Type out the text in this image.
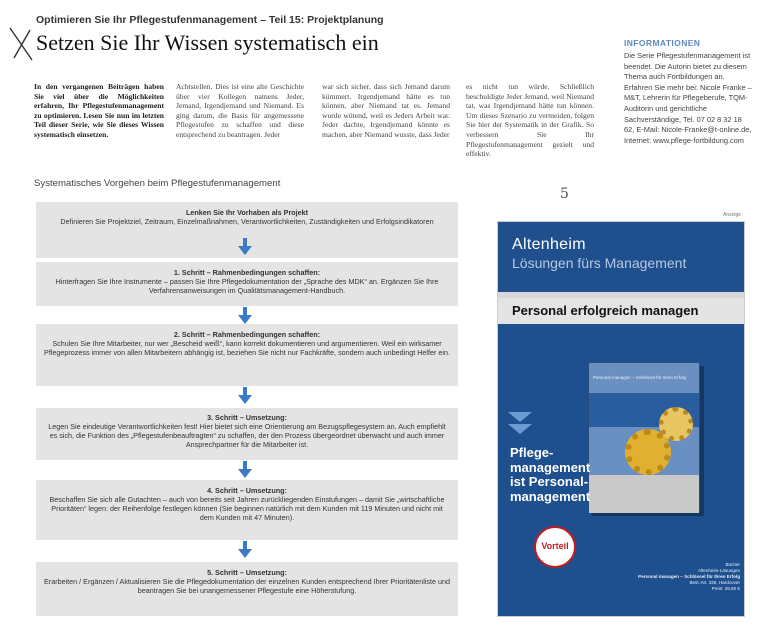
Optimieren Sie Ihr Pflegestufenmanagement – Teil 15: Projektplanung
Setzen Sie Ihr Wissen systematisch ein
In den vergangenen Beiträgen haben Sie viel über die Möglichkeiten erfahren, Ihr Pflegestufenmanagement zu optimieren. Lesen Sie nun im letzten Teil dieser Serie, wie Sie dieses Wissen systematisch einsetzen.
Achtstellen. Dies ist eine alte Geschichte über vier Kollegen namens Jeder, Jemand, Irgendjemand und Niemand. Es ging darum, die Basis für angemessene Pflegestufen zu schaffen und diese entsprechend zu beantragen. Jeder
war sich sicher, dass sich Jemand darum kümmert. Irgendjemand hätte es tun können, aber Niemand tat es. Jemand wurde wütend, weil es Jeders Arbeit war. Jeder dachte, Irgendjemand könnte es machen, aber Niemand wusste, dass Jeder
es nicht tun würde. Schließlich beschuldigte Jeder Jemand, weil Niemand tat, was Irgendjemand hätte tun können. Um dieses Szenario zu vermeiden, folgen Sie hier der Systematik in der Grafik. So verbessern Sie Ihr Pflegestufenmanagement gezielt und effektiv.
INFORMATIONEN
Die Serie Pflegestufenmanagement ist beendet. Die Autorin bietet zu diesem Thema auch Fortbildungen an. Erfahren Sie mehr bei: Nicole Franke – M&T, Lehrerin für Pflegeberufe, TQM-Auditorin und gerichtliche Sachverständige, Tel. 07 02 8 32 18 62, E-Mail: Nicole-Franke@t-online.de, Internet: www.pflege-fortbildung.com
5
Systematisches Vorgehen beim Pflegestufenmanagement
Lenken Sie Ihr Vorhaben als Projekt
Definieren Sie Projektziel, Zeitraum, Einzelmaßnahmen, Verantwortlichkeiten, Zuständigkeiten und Erfolgsindikatoren
1. Schritt – Rahmenbedingungen schaffen:
Hinterfragen Sie Ihre Instrumente – passen Sie Ihre Pflegedokumentation der „Sprache des MDK“ an. Ergänzen Sie Ihre Verfahrensanweisungen im Qualitätsmanagement-Handbuch.
2. Schritt – Rahmenbedingungen schaffen:
Schulen Sie Ihre Mitarbeiter, nur wer „Bescheid weiß“, kann korrekt dokumentieren und argumentieren. Weil ein wirksamer Pflegeprozess immer von allen Mitarbeitern abhängig ist, beziehen Sie nicht nur Fachkräfte, sondern auch unbedingt Helfer ein.
3. Schritt – Umsetzung:
Legen Sie eindeutige Verantwortlichkeiten fest! Hier bietet sich eine Orientierung am Bezugspflegesystem an. Auch empfiehlt es sich, die Funktion des „Pflegestufenbeauftragten“ zu schaffen, der den Prozess übergeordnet überwacht und auch immer Ansprechpartner für die Mitarbeiter ist.
4. Schritt – Umsetzung:
Beschaffen Sie sich alle Gutachten – auch von bereits seit Jahren zurückliegenden Einstufungen – damit Sie „wirtschaftliche Prioritäten“ legen: der Reihenfolge festlegen können (Sie beginnen natürlich mit dem Kunden mit 119 Minuten und nicht mit dem Kunden mit 47 Minuten).
5. Schritt – Umsetzung:
Erarbeiten / Ergänzen / Aktualisieren Sie die Pflegedokumentation der einzelnen Kunden entsprechend Ihrer Prioritätenliste und beantragen Sie bei unangemessener Pflegestufe eine Höherstufung.
Anzeige
Altenheim
Lösungen fürs Management
Personal erfolgreich managen
Personal managen – Schlüssel für Ihren Erfolg
Pflege-
management
ist Personal-
management
Vorteil
Bücher
Altenheim-Lösungen
Personal managen – Schlüssel für Ihren Erfolg
Best.-Nr. 336, Hardcover
Preis: 39,80 €
